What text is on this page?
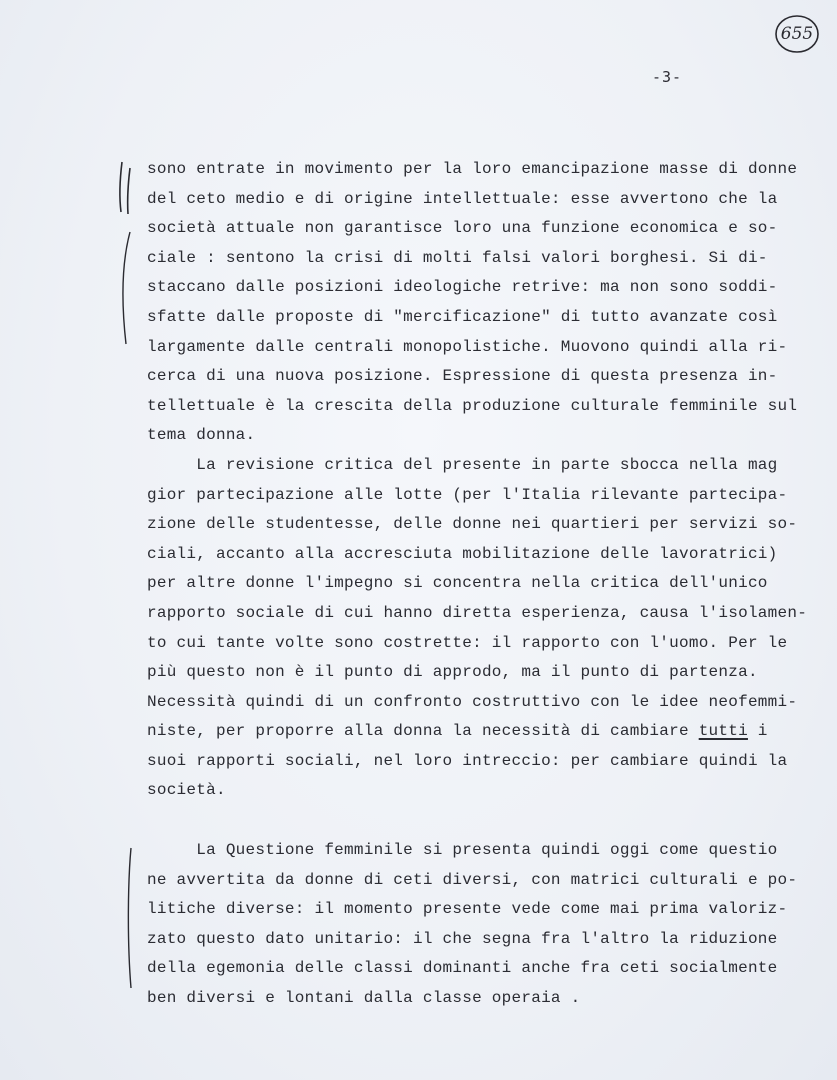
655
-3-
sono entrate in movimento per la loro emancipazione masse di donne
del ceto medio e di origine intellettuale: esse avvertono che la
società attuale non garantisce loro una funzione economica e so-
ciale : sentono la crisi di molti falsi valori borghesi. Si di-
staccano dalle posizioni ideologiche retrive: ma non sono soddi-
sfatte dalle proposte di "mercificazione" di tutto avanzate così
largamente dalle centrali monopolistiche. Muovono quindi alla ri-
cerca di una nuova posizione. Espressione di questa presenza in-
tellettuale è la crescita della produzione culturale femminile sul
tema donna.
La revisione critica del presente in parte sbocca nella mag
gior partecipazione alle lotte (per l'Italia rilevante partecipa-
zione delle studentesse, delle donne nei quartieri per servizi so-
ciali, accanto alla accresciuta mobilitazione delle lavoratrici)
per altre donne l'impegno si concentra nella critica dell'unico
rapporto sociale di cui hanno diretta esperienza, causa l'isolamen-
to cui tante volte sono costrette: il rapporto con l'uomo. Per le
più questo non è il punto di approdo, ma il punto di partenza.
Necessità quindi di un confronto costruttivo con le idee neofemmi-
niste, per proporre alla donna la necessità di cambiare tutti i
suoi rapporti sociali, nel loro intreccio: per cambiare quindi la
società.
La Questione femminile si presenta quindi oggi come questio
ne avvertita da donne di ceti diversi, con matrici culturali e po-
litiche diverse: il momento presente vede come mai prima valoriz-
zato questo dato unitario: il che segna fra l'altro la riduzione
della egemonia delle classi dominanti anche fra ceti socialmente
ben diversi e lontani dalla classe operaia .
